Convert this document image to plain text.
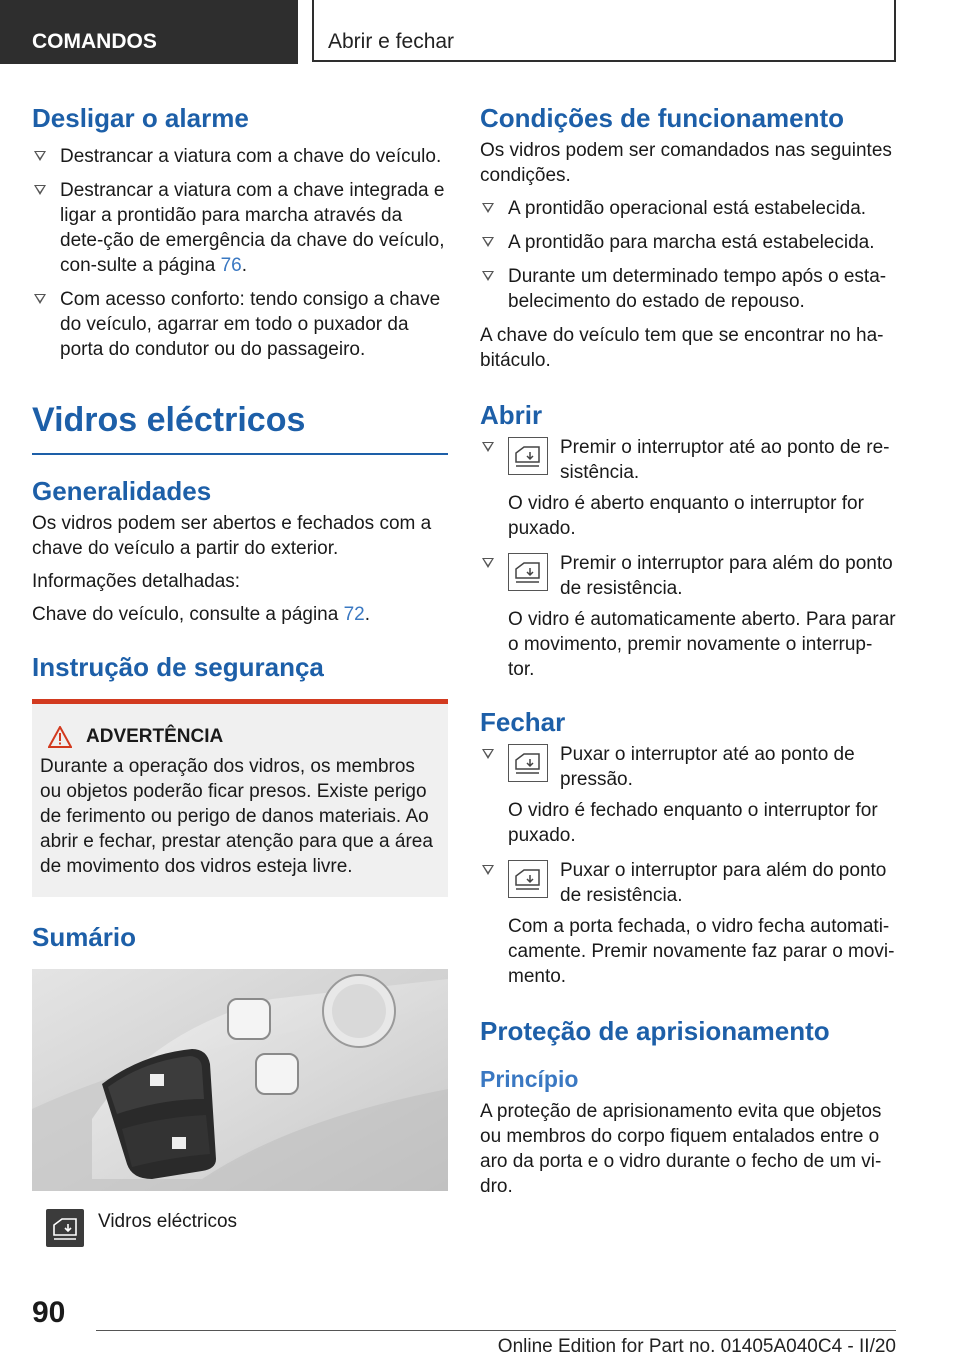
COMANDOS	Abrir e fechar
Desligar o alarme
Destrancar a viatura com a chave do veículo.
Destrancar a viatura com a chave integrada e ligar a prontidão para marcha através da dete-ção de emergência da chave do veículo, con-sulte a página 76.
Com acesso conforto: tendo consigo a chave do veículo, agarrar em todo o puxador da porta do condutor ou do passageiro.
Vidros eléctricos
Generalidades

Os vidros podem ser abertos e fechados com a chave do veículo a partir do exterior.

Informações detalhadas:

Chave do veículo, consulte a página 72.

Instrução de segurança
ADVERTÊNCIA

Durante a operação dos vidros, os membros ou objetos poderão ficar presos. Existe perigo de ferimento ou perigo de danos materiais. Ao abrir e fechar, prestar atenção para que a área de movimento dos vidros esteja livre.

Sumário
Vidros eléctricos
Condições de funcionamento

Os vidros podem ser comandados nas seguintes condições.

A prontidão operacional está estabelecida.
A prontidão para marcha está estabelecida.
Durante um determinado tempo após o esta-belecimento do estado de repouso.

A chave do veículo tem que se encontrar no ha-bitáculo.

Abrir
Premir o interruptor até ao ponto de re-sistência.

O vidro é aberto enquanto o interruptor for puxado.

Premir o interruptor para além do ponto de resistência.

O vidro é automaticamente aberto. Para parar o movimento, premir novamente o interrup-tor.

Fechar
Puxar o interruptor até ao ponto de pressão.

O vidro é fechado enquanto o interruptor for puxado.

Puxar o interruptor para além do ponto de resistência.

Com a porta fechada, o vidro fecha automati-camente. Premir novamente faz parar o movi-mento.

Proteção de aprisionamento
Princípio

A proteção de aprisionamento evita que objetos ou membros do corpo fiquem entalados entre o aro da porta e o vidro durante o fecho de um vi-dro.

90
Online Edition for Part no. 01405A040C4 - II/20
